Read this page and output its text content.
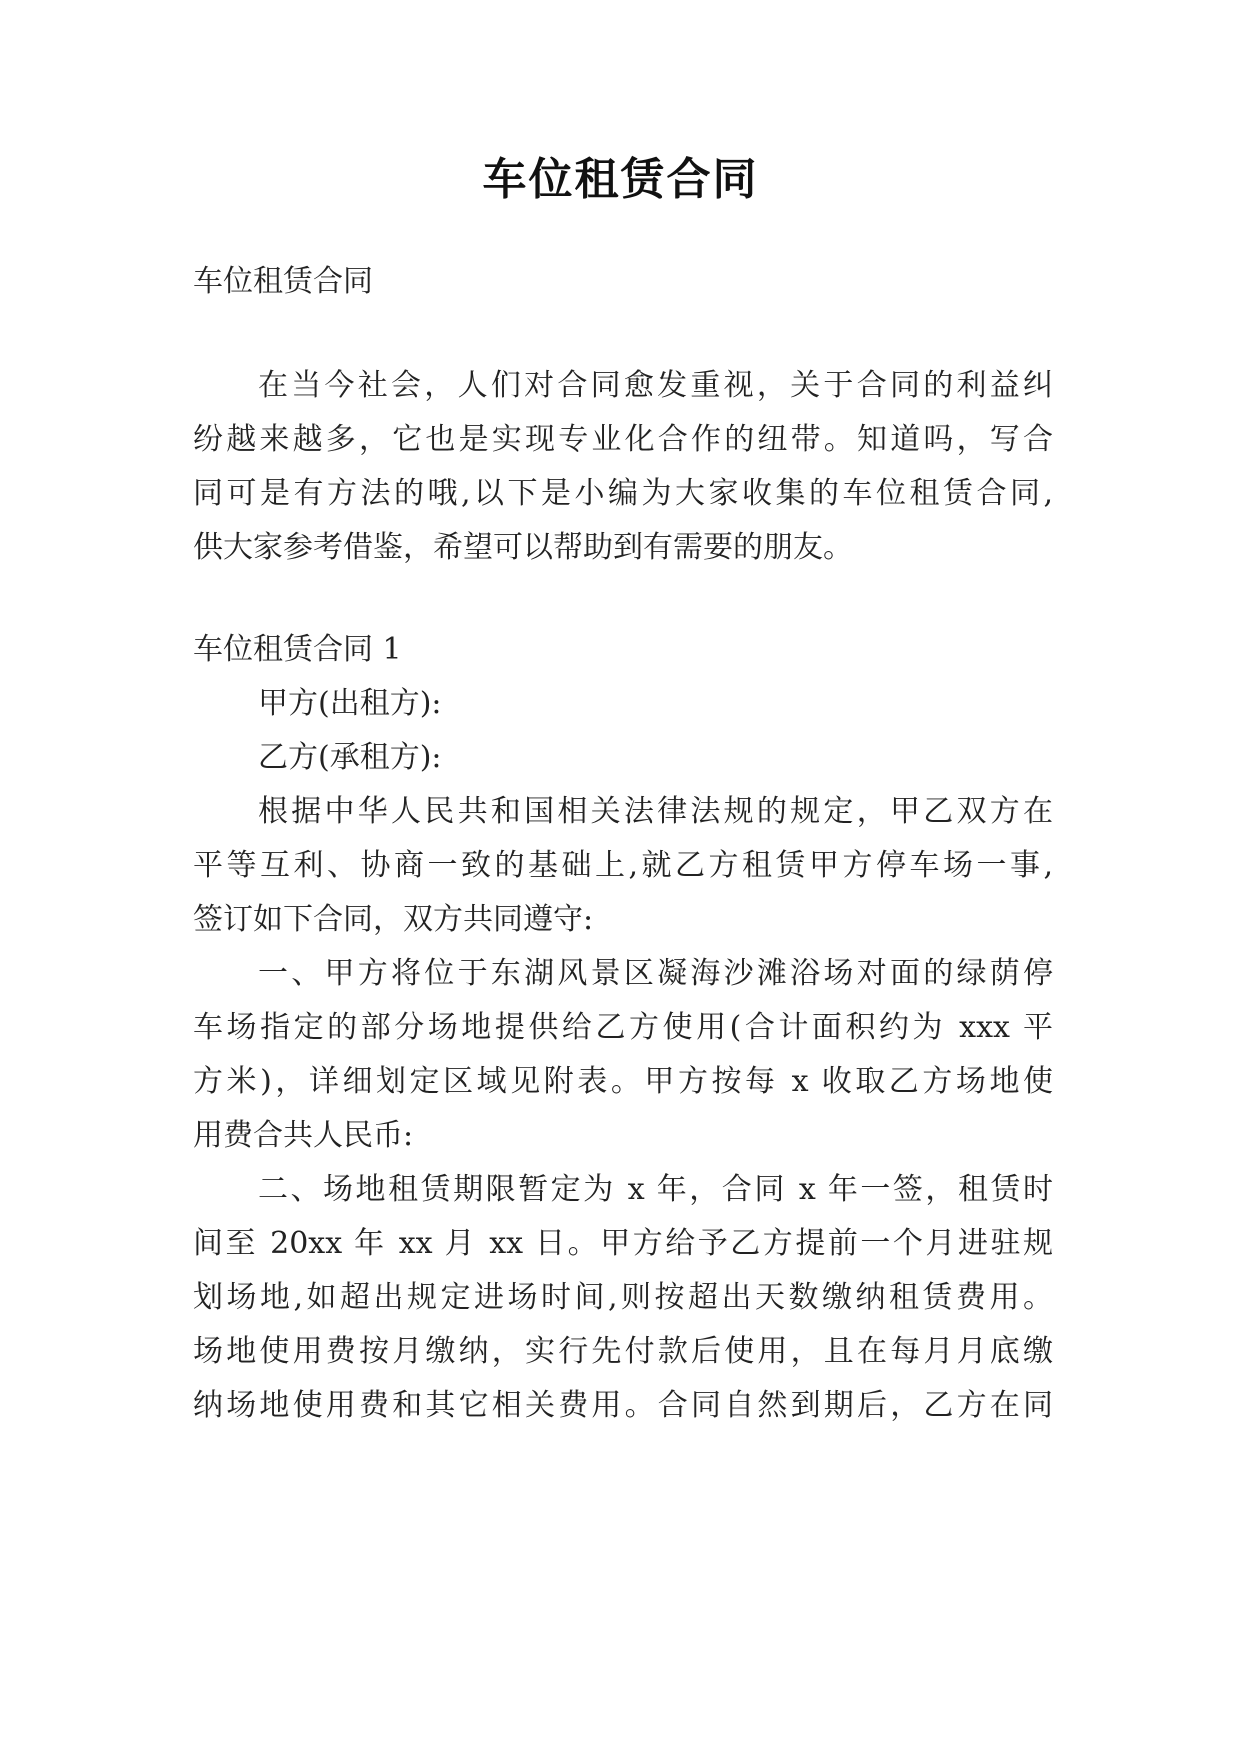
车位租赁合同
车位租赁合同
在当今社会，人们对合同愈发重视，关于合同的利益纠
纷越来越多，它也是实现专业化合作的纽带。知道吗，写合
同可是有方法的哦,以下是小编为大家收集的车位租赁合同,
供大家参考借鉴，希望可以帮助到有需要的朋友。
车位租赁合同 1
甲方(出租方):
乙方(承租方):
根据中华人民共和国相关法律法规的规定，甲乙双方在
平等互利、协商一致的基础上,就乙方租赁甲方停车场一事,
签订如下合同，双方共同遵守:
一、甲方将位于东湖风景区凝海沙滩浴场对面的绿荫停
车场指定的部分场地提供给乙方使用(合计面积约为 xxx 平
方米)，详细划定区域见附表。甲方按每 x 收取乙方场地使
用费合共人民币:
二、场地租赁期限暂定为 x 年，合同 x 年一签，租赁时
间至 20xx 年 xx 月 xx 日。甲方给予乙方提前一个月进驻规
划场地,如超出规定进场时间,则按超出天数缴纳租赁费用。
场地使用费按月缴纳，实行先付款后使用，且在每月月底缴
纳场地使用费和其它相关费用。合同自然到期后，乙方在同
